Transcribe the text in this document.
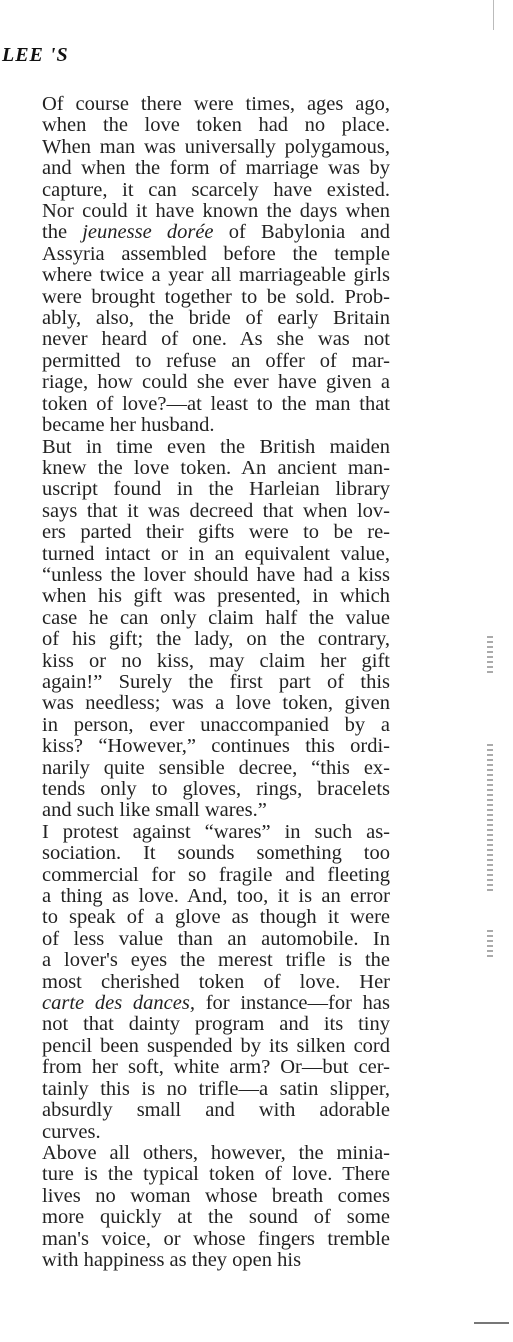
LEE 'S

Of course there were times, ages ago,
when the love token had no place.
When man was universally polygamous,
and when the form of marriage was by
capture, it can scarcely have existed.
Nor could it have known the days when
the jeunesse dorée of Babylonia and
Assyria assembled before the temple
where twice a year all marriageable girls
were brought together to be sold. Prob-
ably, also, the bride of early Britain
never heard of one. As she was not
permitted to refuse an offer of mar-
riage, how could she ever have given a
token of love?—at least to the man that
became her husband.

But in time even the British maiden
knew the love token. An ancient man-
uscript found in the Harleian library
says that it was decreed that when lov-
ers parted their gifts were to be re-
turned intact or in an equivalent value,
“unless the lover should have had a kiss
when his gift was presented, in which
case he can only claim half the value
of his gift; the lady, on the contrary,
kiss or no kiss, may claim her gift
again!” Surely the first part of this
was needless; was a love token, given
in person, ever unaccompanied by a
kiss? “However,” continues this ordi-
narily quite sensible decree, “this ex-
tends only to gloves, rings, bracelets
and such like small wares.”

I protest against “wares” in such as-
sociation. It sounds something too
commercial for so fragile and fleeting
a thing as love. And, too, it is an error
to speak of a glove as though it were
of less value than an automobile. In
a lover's eyes the merest trifle is the
most cherished token of love. Her
carte des dances, for instance—for has
not that dainty program and its tiny
pencil been suspended by its silken cord
from her soft, white arm? Or—but cer-
tainly this is no trifle—a satin slipper,
absurdly small and with adorable
curves.

Above all others, however, the minia-
ture is the typical token of love. There
lives no woman whose breath comes
more quickly at the sound of some
man's voice, or whose fingers tremble
with happiness as they open his
